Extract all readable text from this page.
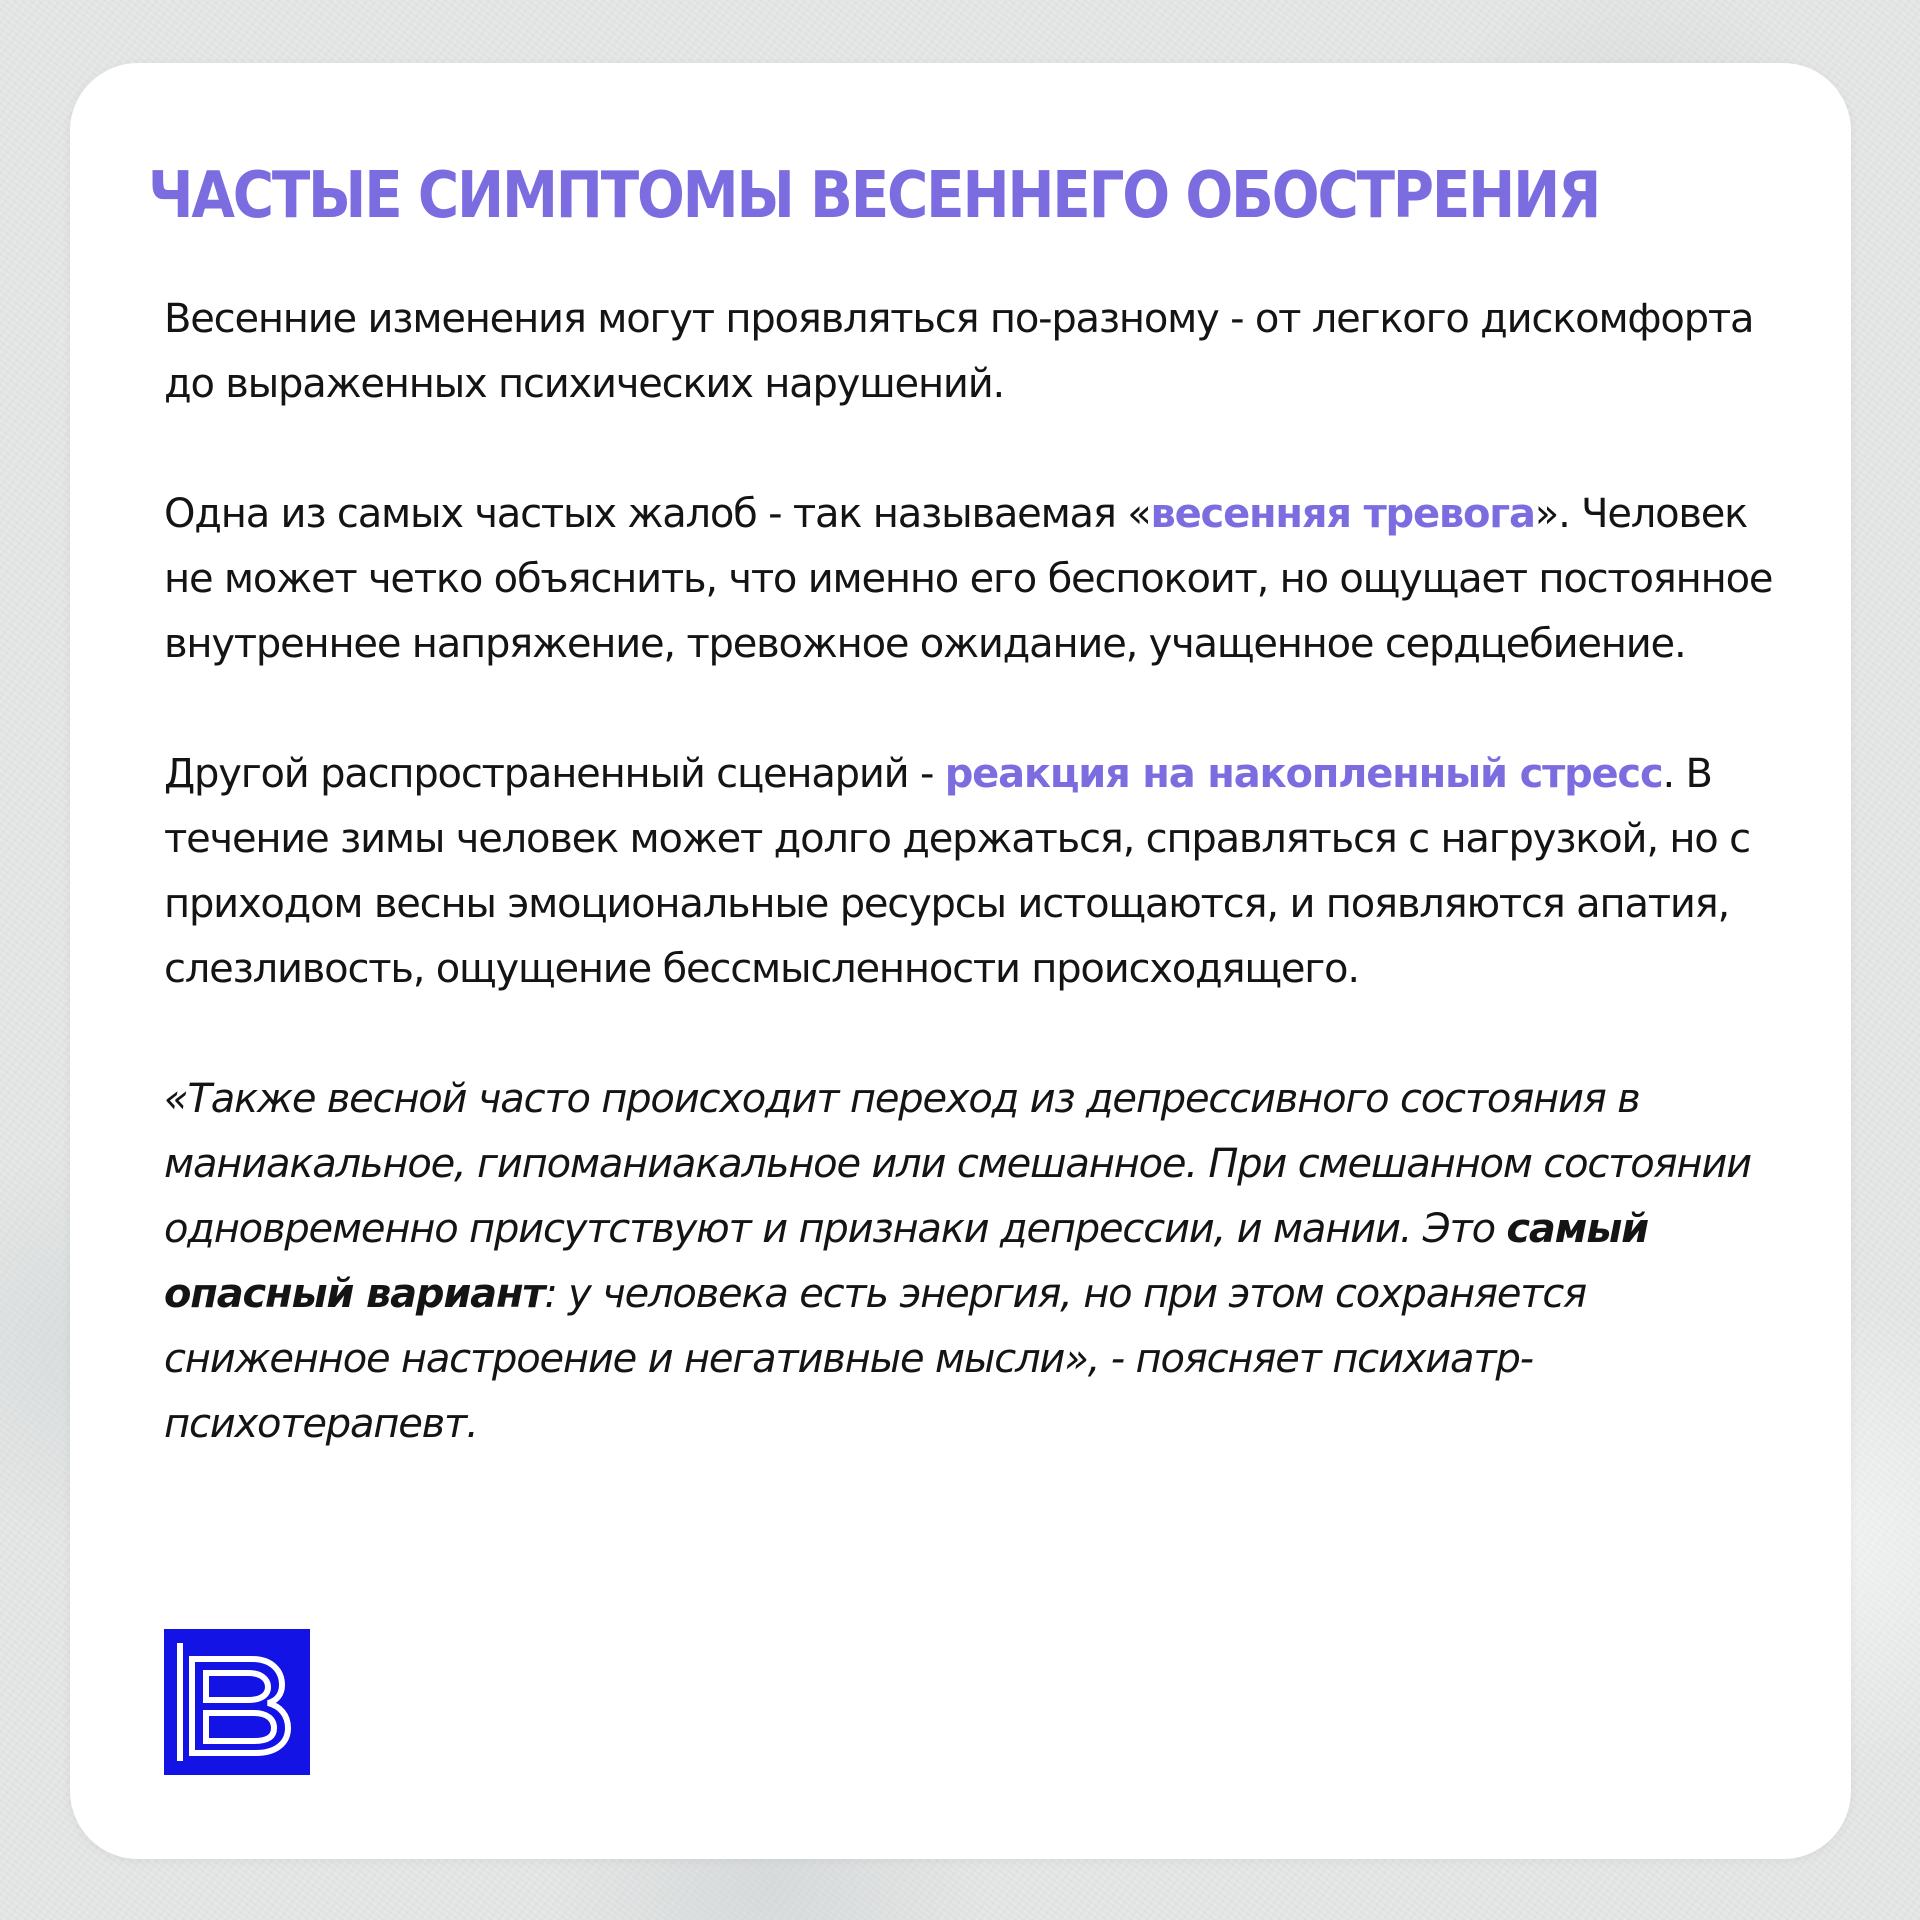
ЧАСТЫЕ СИМПТОМЫ ВЕСЕННЕГО ОБОСТРЕНИЯ

Весенние изменения могут проявляться по-разному - от легкого дискомфорта до выраженных психических нарушений.

Одна из самых частых жалоб - так называемая «весенняя тревога». Человек не может четко объяснить, что именно его беспокоит, но ощущает постоянное внутреннее напряжение, тревожное ожидание, учащенное сердцебиение.

Другой распространенный сценарий - реакция на накопленный стресс. В течение зимы человек может долго держаться, справляться с нагрузкой, но с приходом весны эмоциональные ресурсы истощаются, и появляются апатия, слезливость, ощущение бессмысленности происходящего.

«Также весной часто происходит переход из депрессивного состояния в маниакальное, гипоманиакальное или смешанное. При смешанном состоянии одновременно присутствуют и признаки депрессии, и мании. Это самый опасный вариант: у человека есть энергия, но при этом сохраняется сниженное настроение и негативные мысли», - поясняет психиатр-психотерапевт.
